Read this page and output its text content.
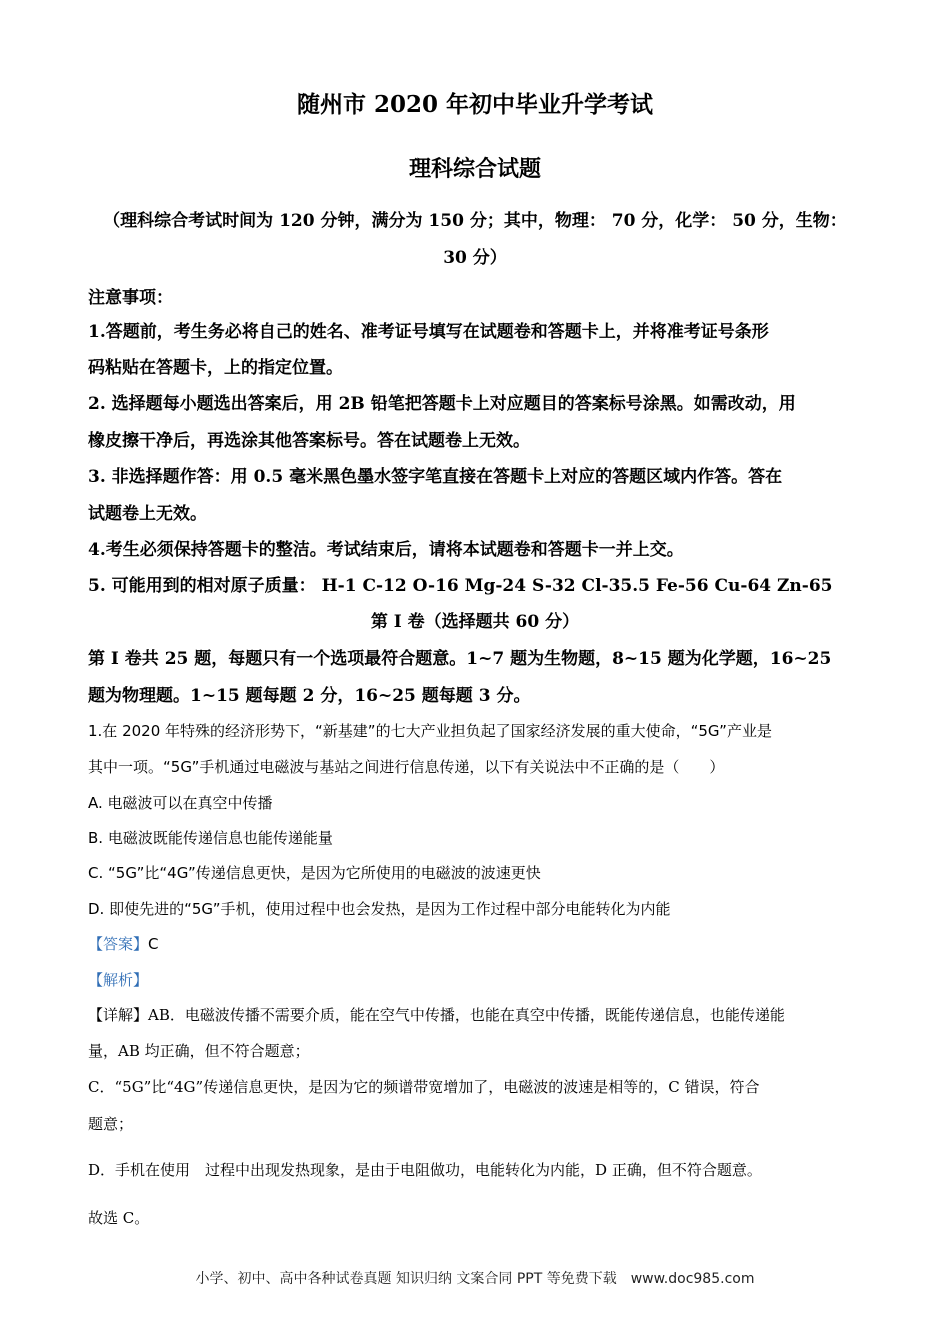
随州市 2020 年初中毕业升学考试
理科综合试题
（理科综合考试时间为 120 分钟，满分为 150 分；其中，物理： 70 分，化学： 50 分，生物：
30 分）
注意事项：
1.答题前，考生务必将自己的姓名、准考证号填写在试题卷和答题卡上，并将准考证号条形
码粘贴在答题卡，上的指定位置。
2. 选择题每小题选出答案后，用 2B 铅笔把答题卡上对应题目的答案标号涂黑。如需改动，用
橡皮擦干净后，再选涂其他答案标号。答在试题卷上无效。
3. 非选择题作答：用 0.5 毫米黑色墨水签字笔直接在答题卡上对应的答题区域内作答。答在
试题卷上无效。
4.考生必须保持答题卡的整洁。考试结束后，请将本试题卷和答题卡一并上交。
5. 可能用到的相对原子质量： H-1 C-12 O-16 Mg-24 S-32 Cl-35.5 Fe-56 Cu-64 Zn-65
第 I 卷（选择题共 60 分）
第 I 卷共 25 题，每题只有一个选项最符合题意。1~7 题为生物题，8~15 题为化学题，16~25
题为物理题。1~15 题每题 2 分，16~25 题每题 3 分。
1.在 2020 年特殊的经济形势下，“新基建”的七大产业担负起了国家经济发展的重大使命，“5G”产业是
其中一项。“5G”手机通过电磁波与基站之间进行信息传递，以下有关说法中不正确的是（　　）
A. 电磁波可以在真空中传播
B. 电磁波既能传递信息也能传递能量
C. “5G”比“4G”传递信息更快，是因为它所使用的电磁波的波速更快
D. 即使先进的“5G”手机，使用过程中也会发热，是因为工作过程中部分电能转化为内能
【答案】C
【解析】
【详解】AB．电磁波传播不需要介质，能在空气中传播，也能在真空中传播，既能传递信息，也能传递能
量，AB 均正确，但不符合题意；
C．“5G”比“4G”传递信息更快，是因为它的频谱带宽增加了，电磁波的波速是相等的，C 错误，符合
题意；
D．手机在使用　过程中出现发热现象，是由于电阻做功，电能转化为内能，D 正确，但不符合题意。
故选 C。
小学、初中、高中各种试卷真题 知识归纳 文案合同 PPT 等免费下载　www.doc985.com
